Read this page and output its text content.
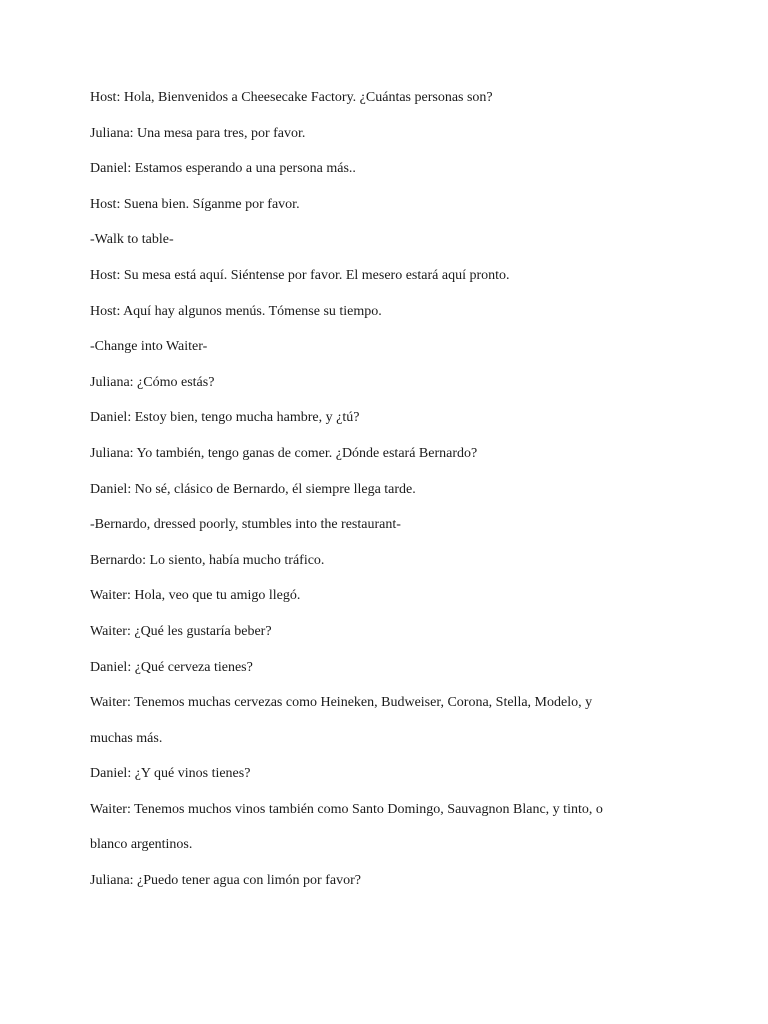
Host: Hola, Bienvenidos a Cheesecake Factory. ¿Cuántas personas son?

Juliana: Una mesa para tres, por favor.

Daniel: Estamos esperando a una persona más..

Host: Suena bien. Síganme por favor.

-Walk to table-

Host: Su mesa está aquí. Siéntense por favor. El mesero estará aquí pronto.

Host: Aquí hay algunos menús. Tómense su tiempo.

-Change into Waiter-

Juliana: ¿Cómo estás?

Daniel: Estoy bien, tengo mucha hambre, y ¿tú?

Juliana: Yo también, tengo ganas de comer. ¿Dónde estará Bernardo?

Daniel: No sé, clásico de Bernardo, él siempre llega tarde.

-Bernardo, dressed poorly, stumbles into the restaurant-

Bernardo: Lo siento, había mucho tráfico.

Waiter: Hola, veo que tu amigo llegó.

Waiter: ¿Qué les gustaría beber?

Daniel: ¿Qué cerveza tienes?

Waiter: Tenemos muchas cervezas como Heineken, Budweiser, Corona, Stella, Modelo, y

muchas más.

Daniel: ¿Y qué vinos tienes?

Waiter: Tenemos muchos vinos también como Santo Domingo, Sauvagnon Blanc, y tinto, o

blanco argentinos.

Juliana: ¿Puedo tener agua con limón por favor?
